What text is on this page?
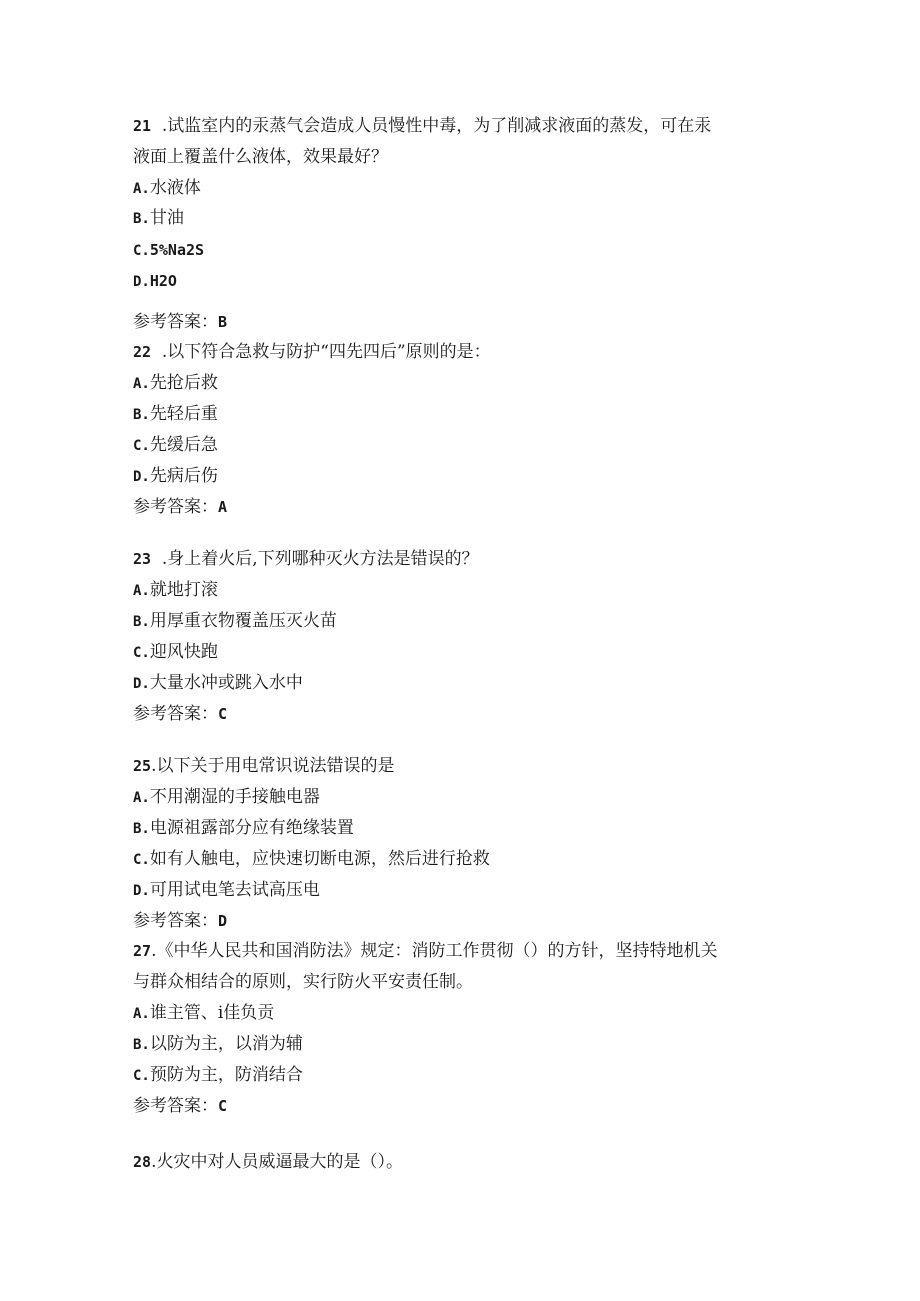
21  .试监室内的汞蒸气会造成人员慢性中毒，为了削减求液面的蒸发，可在汞
液面上覆盖什么液体，效果最好？
A.水液体
B.甘油
C.5%Na2S
D.H2O
参考答案：B
22  .以下符合急救与防护“四先四后”原则的是：
A.先抢后救
B.先轻后重
C.先缓后急
D.先病后伤
参考答案：A
23  .身上着火后,下列哪种灭火方法是错误的？
A.就地打滚
B.用厚重衣物覆盖压灭火苗
C.迎风快跑
D.大量水冲或跳入水中
参考答案：C
25.以下关于用电常识说法错误的是
A.不用潮湿的手接触电器
B.电源祖露部分应有绝缘装置
C.如有人触电，应快速切断电源，然后进行抢救
D.可用试电笔去试高压电
参考答案：D
27.《中华人民共和国消防法》规定：消防工作贯彻（）的方针，坚持特地机关
与群众相结合的原则，实行防火平安责任制。
A.谁主管、i佳负贡
B.以防为主，以消为辅
C.预防为主，防消结合
参考答案：C
28.火灾中对人员威逼最大的是（）。
